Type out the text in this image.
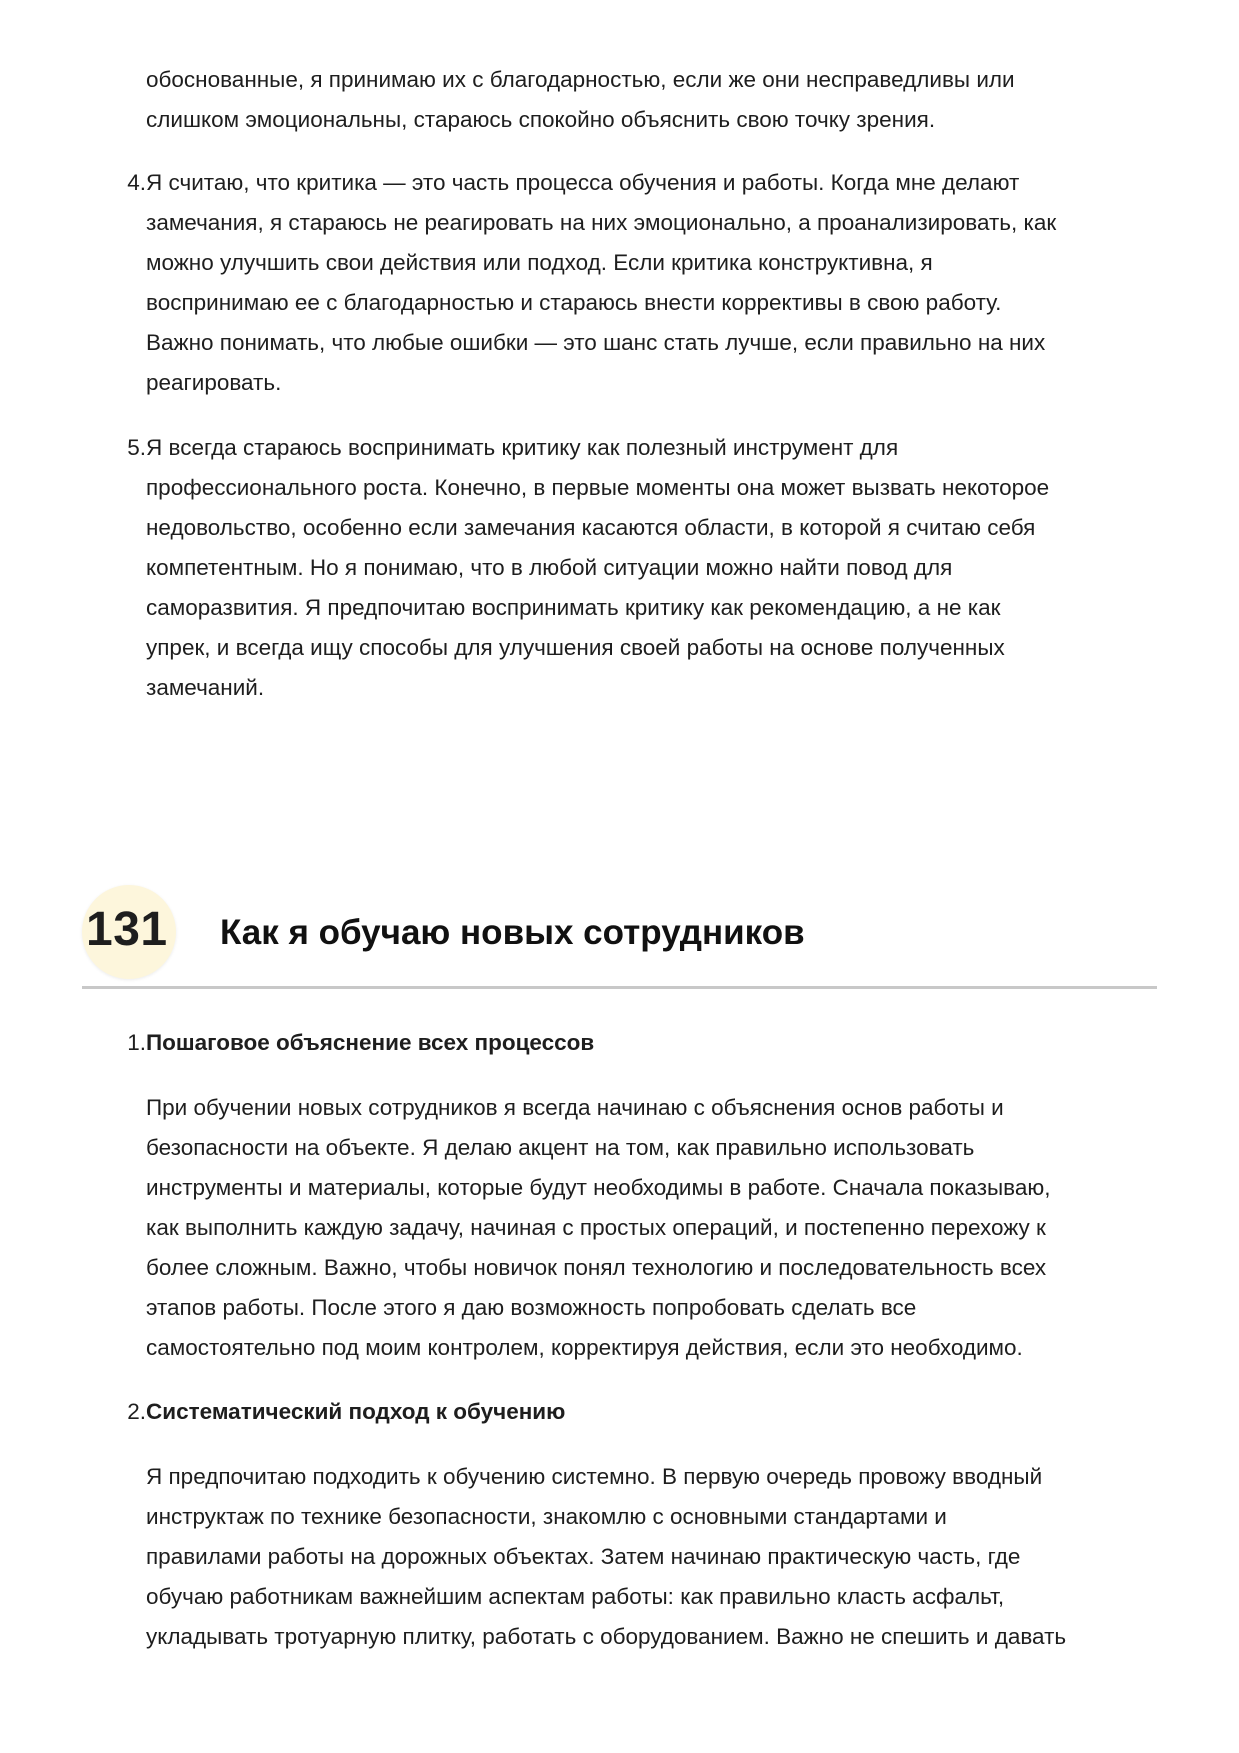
обоснованные, я принимаю их с благодарностью, если же они несправедливы или
слишком эмоциональны, стараюсь спокойно объяснить свою точку зрения.
4. Я считаю, что критика — это часть процесса обучения и работы. Когда мне делают
замечания, я стараюсь не реагировать на них эмоционально, а проанализировать, как
можно улучшить свои действия или подход. Если критика конструктивна, я
воспринимаю ее с благодарностью и стараюсь внести коррективы в свою работу.
Важно понимать, что любые ошибки — это шанс стать лучше, если правильно на них
реагировать.
5. Я всегда стараюсь воспринимать критику как полезный инструмент для
профессионального роста. Конечно, в первые моменты она может вызвать некоторое
недовольство, особенно если замечания касаются области, в которой я считаю себя
компетентным. Но я понимаю, что в любой ситуации можно найти повод для
саморазвития. Я предпочитаю воспринимать критику как рекомендацию, а не как
упрек, и всегда ищу способы для улучшения своей работы на основе полученных
замечаний.
131 Как я обучаю новых сотрудников
1. Пошаговое объяснение всех процессов
При обучении новых сотрудников я всегда начинаю с объяснения основ работы и
безопасности на объекте. Я делаю акцент на том, как правильно использовать
инструменты и материалы, которые будут необходимы в работе. Сначала показываю,
как выполнить каждую задачу, начиная с простых операций, и постепенно перехожу к
более сложным. Важно, чтобы новичок понял технологию и последовательность всех
этапов работы. После этого я даю возможность попробовать сделать все
самостоятельно под моим контролем, корректируя действия, если это необходимо.
2. Систематический подход к обучению
Я предпочитаю подходить к обучению системно. В первую очередь провожу вводный
инструктаж по технике безопасности, знакомлю с основными стандартами и
правилами работы на дорожных объектах. Затем начинаю практическую часть, где
обучаю работникам важнейшим аспектам работы: как правильно класть асфальт,
укладывать тротуарную плитку, работать с оборудованием. Важно не спешить и давать
